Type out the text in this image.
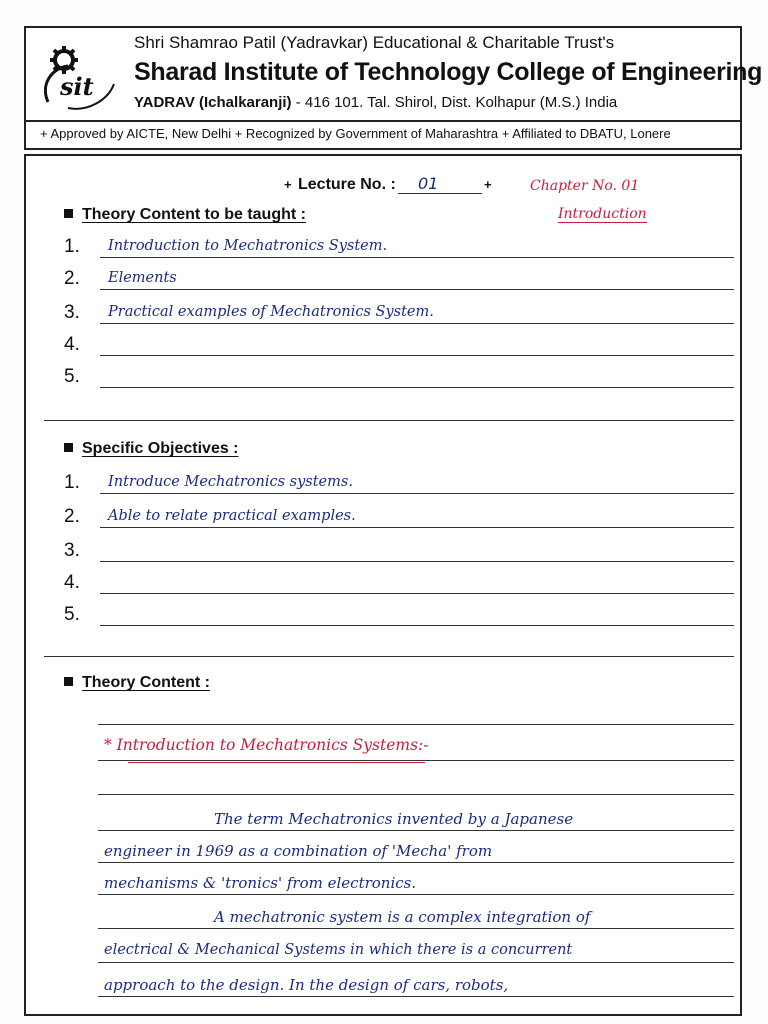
sit
Shri Shamrao Patil (Yadravkar) Educational & Charitable Trust's
Sharad Institute of Technology College of Engineering
YADRAV (Ichalkaranji) - 416 101. Tal. Shirol, Dist. Kolhapur (M.S.) India
+ Approved by AICTE, New Delhi + Recognized by Government of Maharashtra + Affiliated to DBATU, Lonere
+ Lecture No. :	01	+	Chapter No. 01
Introduction
Theory Content to be taught :
1. Introduction to Mechatronics System.
2. Elements
3. Practical examples of Mechatronics System.
4.
5.
Specific Objectives :
1. Introduce Mechatronics systems.
2. Able to relate practical examples.
3.
4.
5.
Theory Content :
* Introduction to Mechatronics Systems:-
The term Mechatronics invented by a Japanese
engineer in 1969 as a combination of 'Mecha' from
mechanisms & 'tronics' from electronics.
A mechatronic system is a complex integration of
electrical & Mechanical Systems in which there is a concurrent
approach to the design. In the design of cars, robots,
